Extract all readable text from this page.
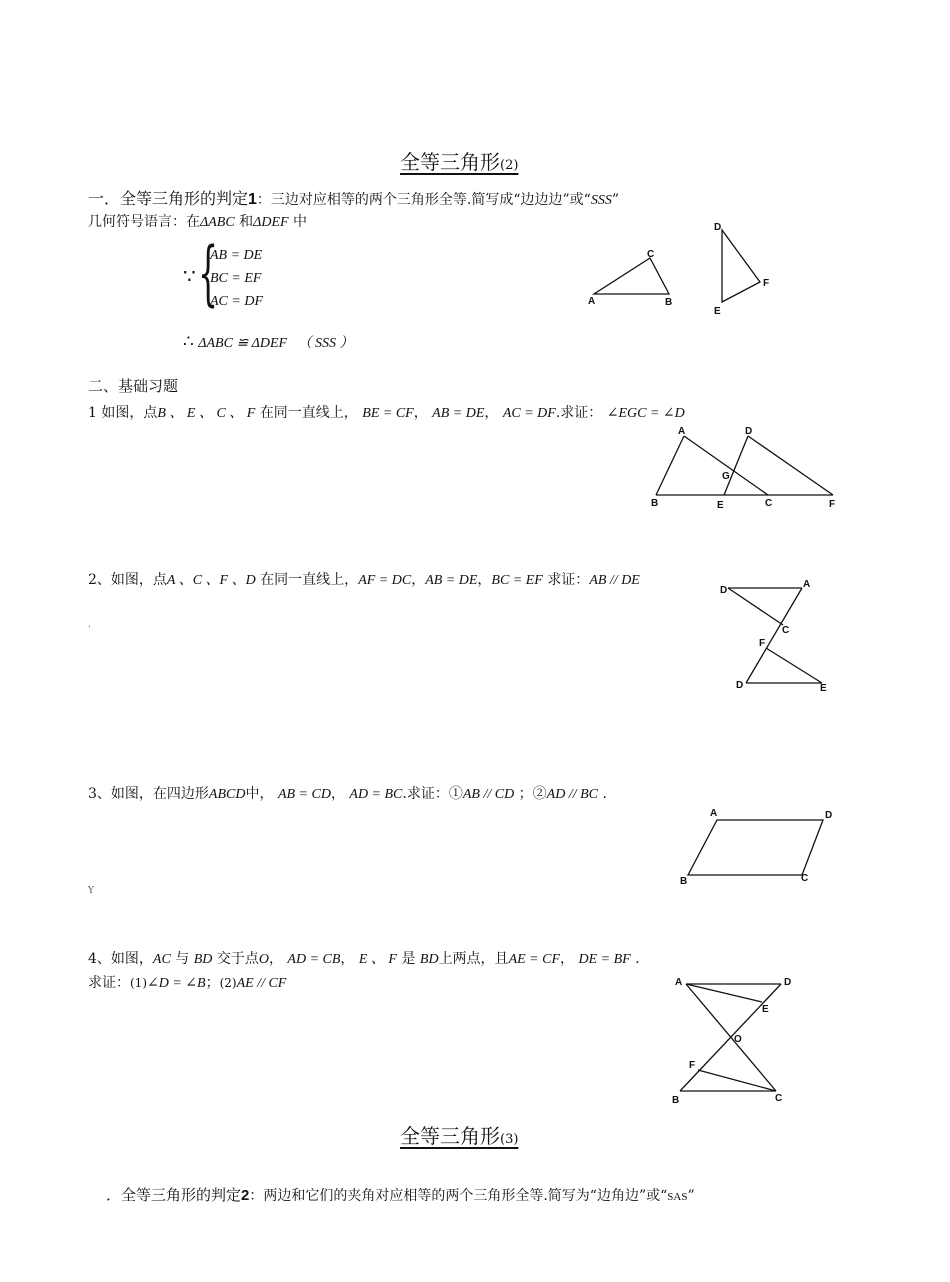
全等三角形(2)
一．全等三角形的判定1：三边对应相等的两个三角形全等.简写成“边边边”或“SSS”
几何符号语言：在ΔABC 和ΔDEF 中
∵ {
AB = DE
BC = EF
AC = DF
∴ ΔABC ≌ ΔDEF （ SSS ）
A	B
C
D
E
F
A	D
G
B	E	C	F
D
A
C
F
D	E
A	D
B	C
A	D
E
O
F
B	C
二、基础习题
1 如图，点B 、 E 、 C 、 F 在同一直线上， BE = CF， AB = DE， AC = DF.求证： ∠EGC = ∠D
2、如图，点A 、C 、F 、D 在同一直线上，AF = DC，AB = DE，BC = EF 求证：AB // DE
.
3、如图，在四边形ABCD中， AB = CD， AD = BC.求证：①AB // CD ；②AD // BC .
Y
4、如图，AC 与 BD 交于点O， AD = CB， E 、 F 是 BD上两点，且AE = CF， DE = BF .
求证：(1)∠D = ∠B；(2)AE // CF
全等三角形(3)
．全等三角形的判定2：两边和它们的夹角对应相等的两个三角形全等.简写为“边角边”或“SAS”
